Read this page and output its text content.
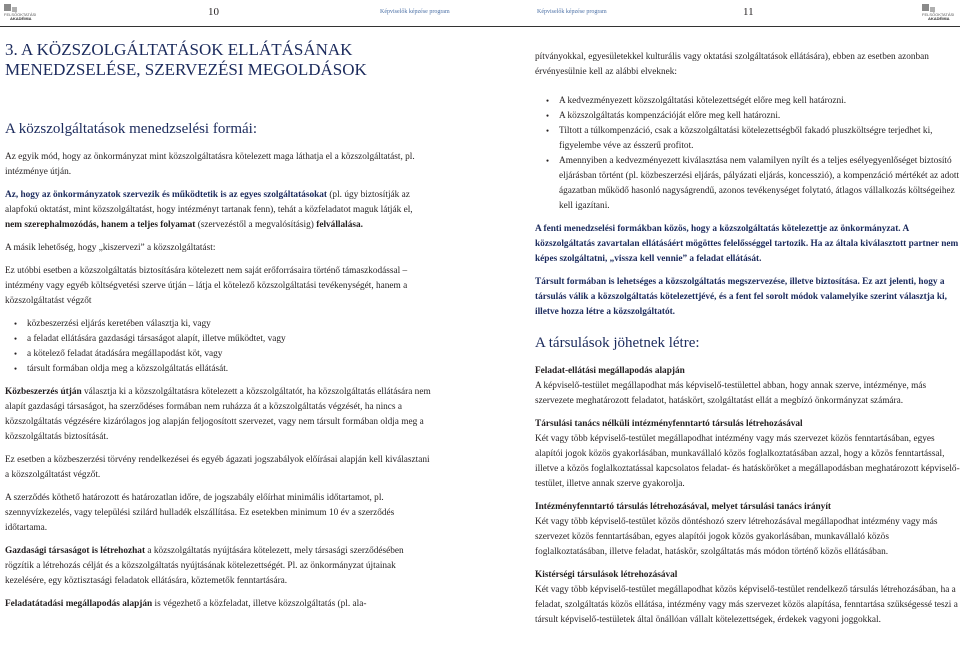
FELSŐOKTATÁSI
AKADÉMIA
10	Képviselők képzése program
3. A KÖZSZOLGÁLTATÁSOK ELLÁTÁSÁNAK MENEDZSELÉSE, SZERVEZÉSI MEGOLDÁSOK
A közszolgáltatások menedzselési formái:

Az egyik mód, hogy az önkormányzat mint közszolgáltatásra kötelezett maga láthatja el a közszolgáltatást, pl. intézménye útján.

Az, hogy az önkormányzatok szervezik és működtetik is az egyes szolgáltatásokat (pl. úgy biztosítják az alapfokú oktatást, mint közszolgáltatást, hogy intézményt tartanak fenn), tehát a közfeladatot maguk látják el, nem szerephalmozódás, hanem a teljes folyamat (szervezéstől a megvalósításig) felvállalása.

A másik lehetőség, hogy „kiszervezi” a közszolgáltatást:

Ez utóbbi esetben a közszolgáltatás biztosítására kötelezett nem saját erőforrásaira történő támaszkodással – intézmény vagy egyéb költségvetési szerve útján – látja el kötelező közszolgáltatási tevékenységét, hanem a közszolgáltatást végzőt

● közbeszerzési eljárás keretében választja ki, vagy
● a feladat ellátására gazdasági társaságot alapít, illetve működtet, vagy
● a kötelező feladat átadására megállapodást köt, vagy
● társult formában oldja meg a közszolgáltatás ellátását.

Közbeszerzés útján választja ki a közszolgáltatásra kötelezett a közszolgáltatót, ha közszolgáltatás ellátására nem alapít gazdasági társaságot, ha szerződéses formában nem ruházza át a közszolgáltatás végzését, ha nincs a közszolgáltatás végzésére kizárólagos jog alapján feljogosított szervezet, vagy nem társult formában oldja meg a közszolgáltatás biztosítását.

Ez esetben a közbeszerzési törvény rendelkezései és egyéb ágazati jogszabályok előírásai alapján kell kiválasztani a közszolgáltatást végzőt.

A szerződés köthető határozott és határozatlan időre, de jogszabály előírhat minimális időtartamot, pl. szennyvízkezelés, vagy települési szilárd hulladék elszállítása. Ez esetekben minimum 10 év a szerződés időtartama.

Gazdasági társaságot is létrehozhat a közszolgáltatás nyújtására kötelezett, mely társasági szerződésében rögzítik a létrehozás célját és a közszolgáltatás nyújtásának kötelezettségét. Pl. az önkormányzat újtainak kezelésére, egy köztisztasági feladatok ellátására, köztemetők fenntartására.

Feladatátadási megállapodás alapján is végezhető a közfeladat, illetve közszolgáltatás (pl. ala-

Képviselők képzése program	11	FELSŐOKTATÁSI
AKADÉMIA

pítványokkal, egyesületekkel kulturális vagy oktatási szolgáltatások ellátására), ebben az esetben azonban érvényesülnie kell az alábbi elveknek:

● A kedvezményezett közszolgáltatási kötelezettségét előre meg kell határozni.
● A közszolgáltatás kompenzációját előre meg kell határozni.
● Tiltott a túlkompenzáció, csak a közszolgáltatási kötelezettségből fakadó pluszköltségre terjedhet ki, figyelembe véve az ésszerű profitot.
● Amennyiben a kedvezményezett kiválasztása nem valamilyen nyílt és a teljes esélyegyenlőséget biztosító eljárásban történt (pl. közbeszerzési eljárás, pályázati eljárás, koncesszió), a kompenzáció mértékét az adott ágazatban működő hasonló nagyságrendű, azonos tevékenységet folytató, átlagos vállalkozás költségeihez kell igazítani.

A fenti menedzselési formákban közös, hogy a közszolgáltatás kötelezettje az önkormányzat. A közszolgáltatás zavartalan ellátásáért mögöttes felelősséggel tartozik. Ha az általa kiválasztott partner nem képes szolgáltatni, „vissza kell vennie” a feladat ellátását.

Társult formában is lehetséges a közszolgáltatás megszervezése, illetve biztosítása. Ez azt jelenti, hogy a társulás válik a közszolgáltatás kötelezettjévé, és a fent fel sorolt módok valamelyike szerint választja ki, illetve hozza létre a közszolgáltatót.

A társulások jöhetnek létre:

Feladat-ellátási megállapodás alapján

A képviselő-testület megállapodhat más képviselő-testülettel abban, hogy annak szerve, intézménye, más szervezete meghatározott feladatot, hatáskört, szolgáltatást ellát a megbízó önkormányzat számára.

Társulási tanács nélküli intézményfenntartó társulás létrehozásával

Két vagy több képviselő-testület megállapodhat intézmény vagy más szervezet közös fenntartásában, egyes alapítói jogok közös gyakorlásában, munkavállaló közös foglalkoztatásában azzal, hogy a közös fenntartással, illetve a közös foglalkoztatással kapcsolatos feladat- és hatásköröket a megállapodásban meghatározott képviselő-testület, illetve annak szerve gyakorolja.

Intézményfenntartó társulás létrehozásával, melyet társulási tanács irányít

Két vagy több képviselő-testület közös döntéshozó szerv létrehozásával megállapodhat intézmény vagy más szervezet közös fenntartásában, egyes alapítói jogok közös gyakorlásában, munkavállaló közös foglalkoztatásában, illetve feladat, hatáskör, szolgáltatás más módon történő közös ellátásában.

Kistérségi társulások létrehozásával

Két vagy több képviselő-testület megállapodhat közös képviselő-testület rendelkező társulás létrehozásában, ha a feladat, szolgáltatás közös ellátása, intézmény vagy más szervezet közös alapítása, fenntartása szükségessé teszi a társult képviselő-testületek által önállóan vállalt kötelezettségek, érdekek vagyoni joggokkal.
